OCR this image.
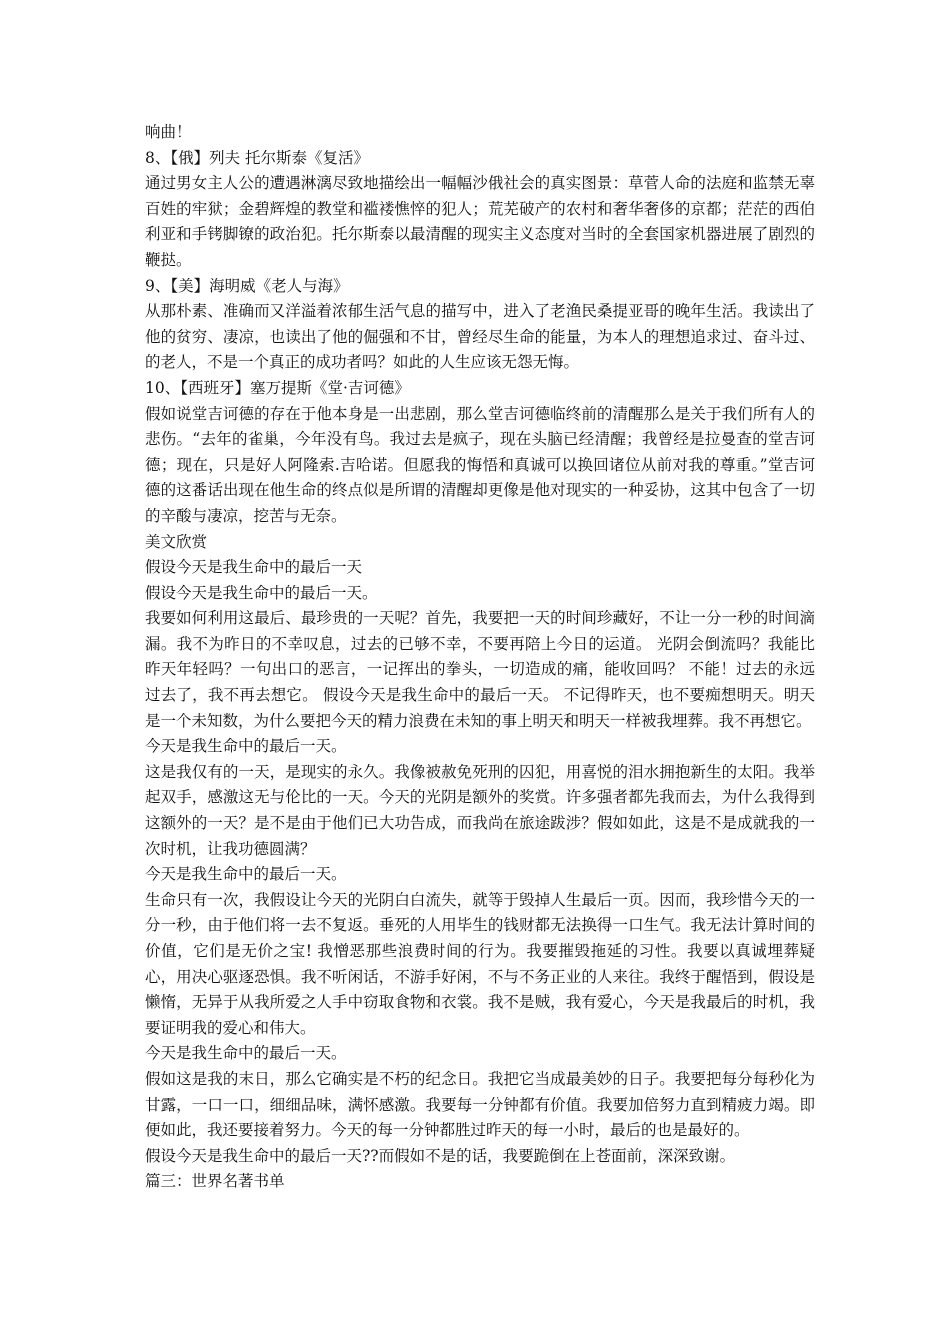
响曲！

8、【俄】列夫 托尔斯泰《复活》

通过男女主人公的遭遇淋漓尽致地描绘出一幅幅沙俄社会的真实图景：草菅人命的法庭和监禁无辜百姓的牢狱；金碧辉煌的教堂和褴褛憔悴的犯人；荒芜破产的农村和奢华奢侈的京都；茫茫的西伯利亚和手铐脚镣的政治犯。托尔斯泰以最清醒的现实主义态度对当时的全套国家机器进展了剧烈的鞭挞。

9、【美】海明威《老人与海》

从那朴素、准确而又洋溢着浓郁生活气息的描写中，进入了老渔民桑提亚哥的晚年生活。我读出了他的贫穷、凄凉，也读出了他的倔强和不甘，曾经尽生命的能量，为本人的理想追求过、奋斗过、的老人，不是一个真正的成功者吗？如此的人生应该无怨无悔。

10、【西班牙】塞万提斯《堂·吉诃德》

假如说堂吉诃德的存在于他本身是一出悲剧，那么堂吉诃德临终前的清醒那么是关于我们所有人的悲伤。“去年的雀巢，今年没有鸟。我过去是疯子，现在头脑已经清醒；我曾经是拉曼查的堂吉诃德；现在，只是好人阿隆索.吉哈诺。但愿我的悔悟和真诚可以换回诸位从前对我的尊重。”堂吉诃德的这番话出现在他生命的终点似是所谓的清醒却更像是他对现实的一种妥协，这其中包含了一切的辛酸与凄凉，挖苦与无奈。

美文欣赏

假设今天是我生命中的最后一天

假设今天是我生命中的最后一天。

我要如何利用这最后、最珍贵的一天呢？首先，我要把一天的时间珍藏好，不让一分一秒的时间滴漏。我不为昨日的不幸叹息，过去的已够不幸，不要再陪上今日的运道。 光阴会倒流吗？我能比昨天年轻吗？一句出口的恶言，一记挥出的拳头，一切造成的痛，能收回吗？ 不能！过去的永远过去了，我不再去想它。 假设今天是我生命中的最后一天。 不记得昨天，也不要痴想明天。明天是一个未知数，为什么要把今天的精力浪费在未知的事上明天和明天一样被我埋葬。我不再想它。

今天是我生命中的最后一天。

这是我仅有的一天，是现实的永久。我像被赦免死刑的囚犯，用喜悦的泪水拥抱新生的太阳。我举起双手，感激这无与伦比的一天。今天的光阴是额外的奖赏。许多强者都先我而去，为什么我得到这额外的一天？是不是由于他们已大功告成，而我尚在旅途跋涉？假如如此，这是不是成就我的一次时机，让我功德圆满？

今天是我生命中的最后一天。

生命只有一次，我假设让今天的光阴白白流失，就等于毁掉人生最后一页。因而，我珍惜今天的一分一秒，由于他们将一去不复返。垂死的人用毕生的钱财都无法换得一口生气。我无法计算时间的价值，它们是无价之宝! 我憎恶那些浪费时间的行为。我要摧毁拖延的习性。我要以真诚埋葬疑心，用决心驱逐恐惧。我不听闲话，不游手好闲，不与不务正业的人来往。我终于醒悟到，假设是懒惰，无异于从我所爱之人手中窃取食物和衣裳。我不是贼，我有爱心，今天是我最后的时机，我要证明我的爱心和伟大。

今天是我生命中的最后一天。

假如这是我的末日，那么它确实是不朽的纪念日。我把它当成最美妙的日子。我要把每分每秒化为甘露，一口一口，细细品味，满怀感激。我要每一分钟都有价值。我要加倍努力直到精疲力竭。即便如此，我还要接着努力。今天的每一分钟都胜过昨天的每一小时，最后的也是最好的。

假设今天是我生命中的最后一天??而假如不是的话，我要跪倒在上苍面前，深深致谢。

篇三：世界名著书单
